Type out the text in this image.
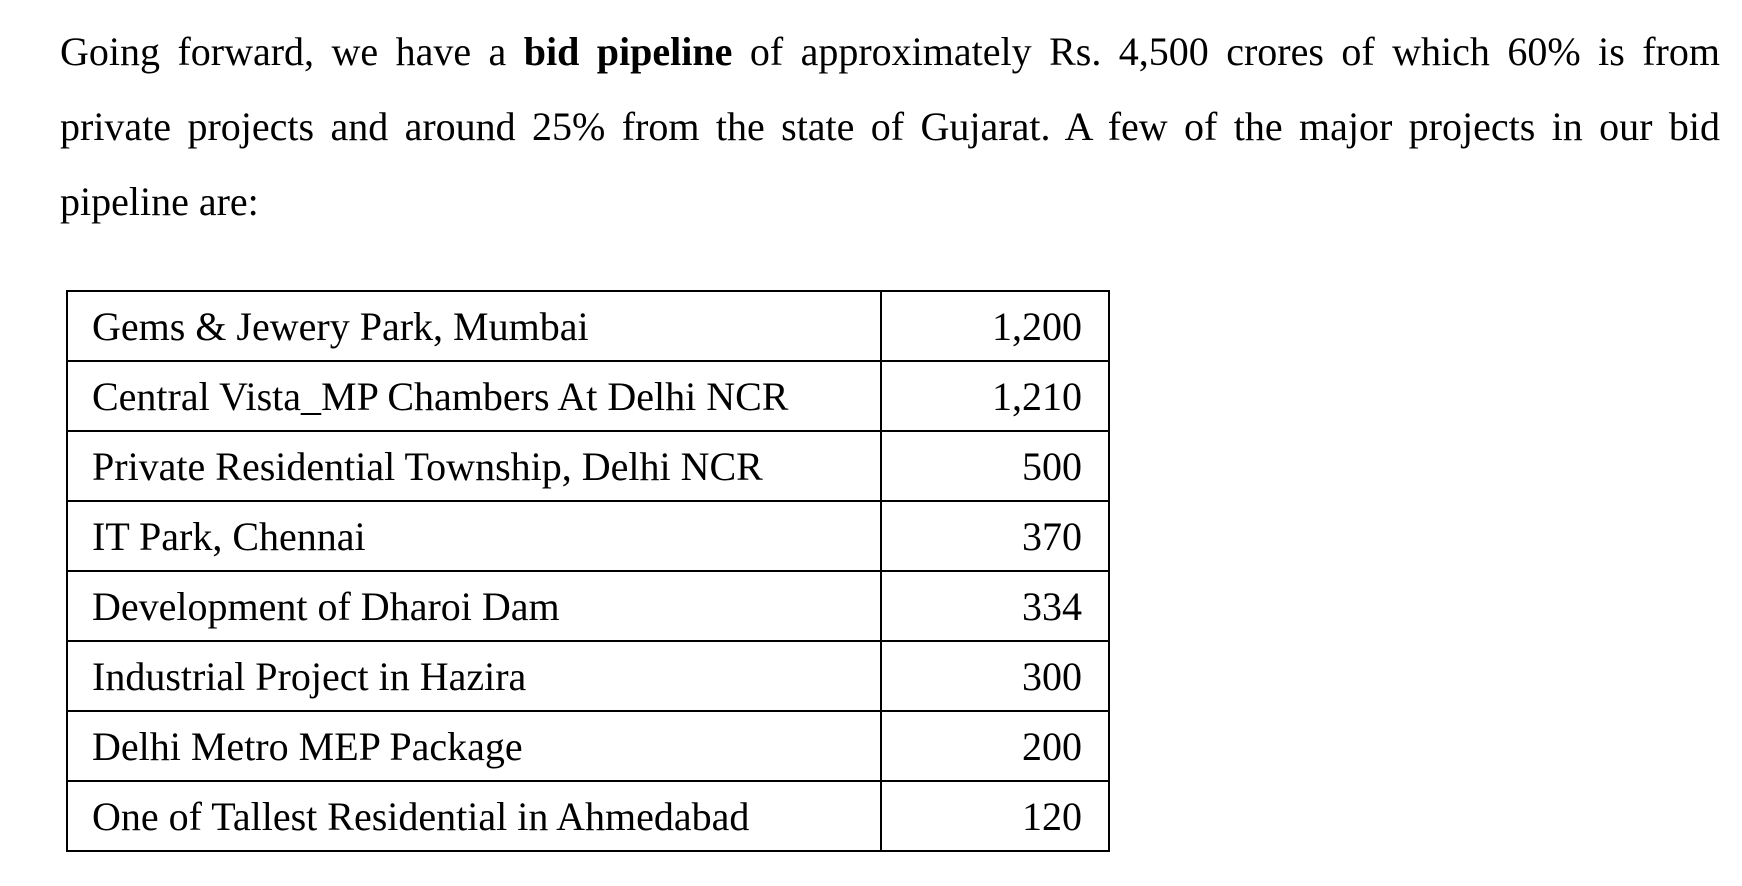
Going forward, we have a bid pipeline of approximately Rs. 4,500 crores of which 60% is from private projects and around 25% from the state of Gujarat. A few of the major projects in our bid pipeline are:

Gems & Jewery Park, Mumbai	1,200
Central Vista_MP Chambers At Delhi NCR	1,210
Private Residential Township, Delhi NCR	500
IT Park, Chennai	370
Development of Dharoi Dam	334
Industrial Project in Hazira	300
Delhi Metro MEP Package	200
One of Tallest Residential in Ahmedabad	120
